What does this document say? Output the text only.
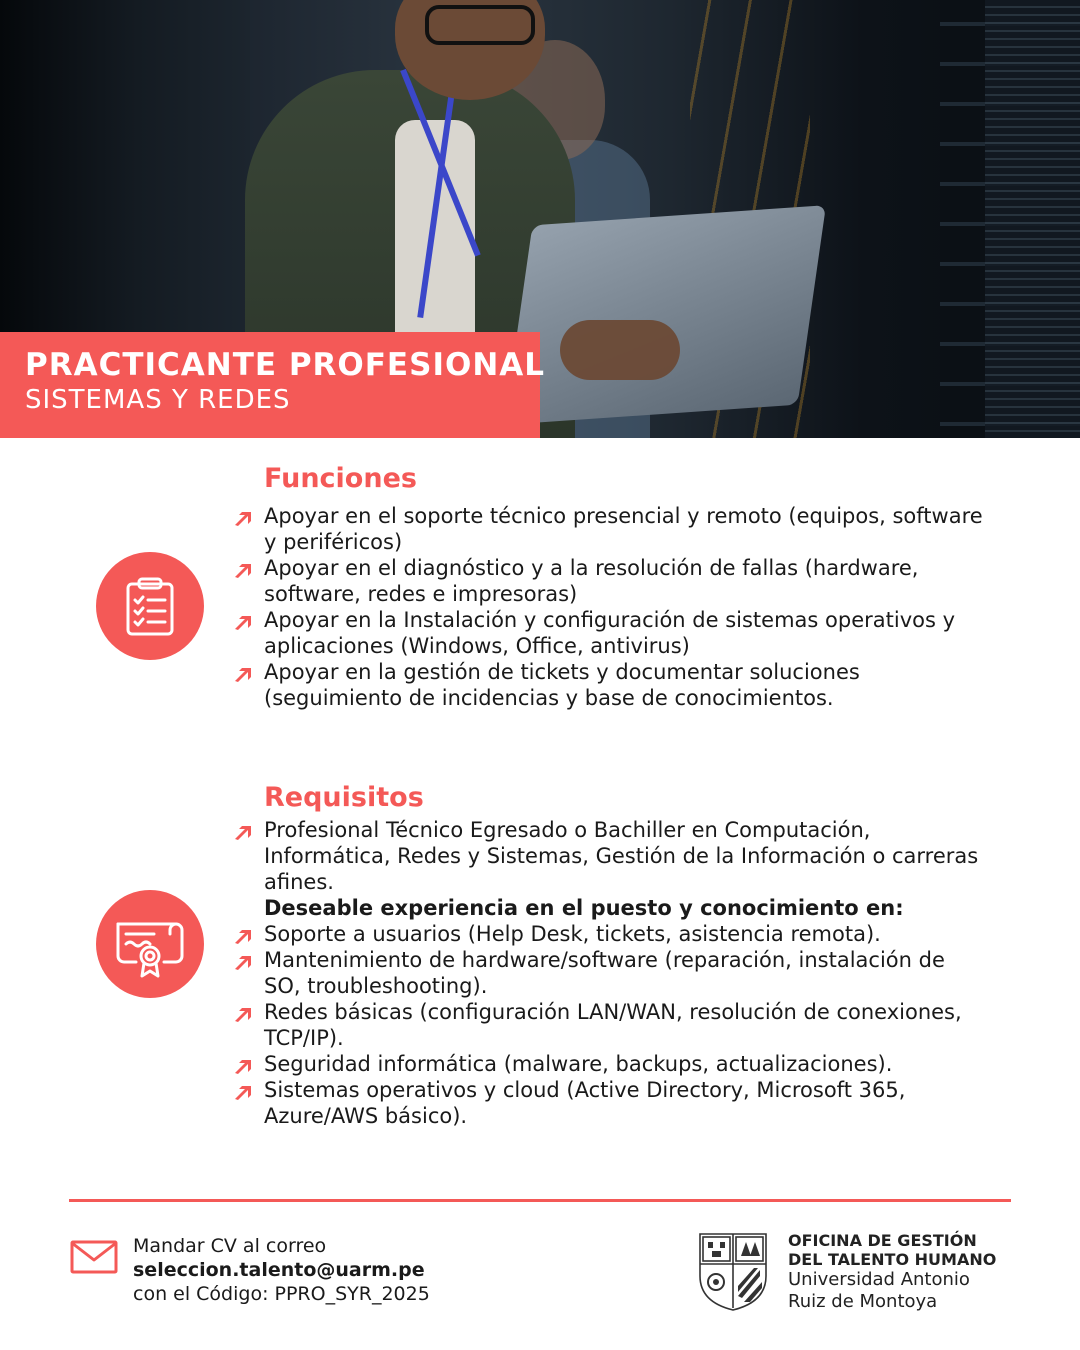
PRACTICANTE PROFESIONAL
SISTEMAS Y REDES
Funciones
Apoyar en el soporte técnico presencial y remoto (equipos, software
y periféricos)
Apoyar en el diagnóstico y a la resolución de fallas (hardware,
software, redes e impresoras)
Apoyar en la Instalación y configuración de sistemas operativos y
aplicaciones (Windows, Office, antivirus)
Apoyar en la gestión de tickets y documentar soluciones
(seguimiento de incidencias y base de conocimientos.
Requisitos
Profesional Técnico Egresado o Bachiller en Computación,
Informática, Redes y Sistemas, Gestión de la Información o carreras
afines.
Deseable experiencia en el puesto y conocimiento en:
Soporte a usuarios (Help Desk, tickets, asistencia remota).
Mantenimiento de hardware/software (reparación, instalación de
SO, troubleshooting).
Redes básicas (configuración LAN/WAN, resolución de conexiones,
TCP/IP).
Seguridad informática (malware, backups, actualizaciones).
Sistemas operativos y cloud (Active Directory, Microsoft 365,
Azure/AWS básico).
Mandar CV al correo
seleccion.talento@uarm.pe
con el Código: PPRO_SYR_2025
OFICINA DE GESTIÓN
DEL TALENTO HUMANO
Universidad Antonio
Ruiz de Montoya
